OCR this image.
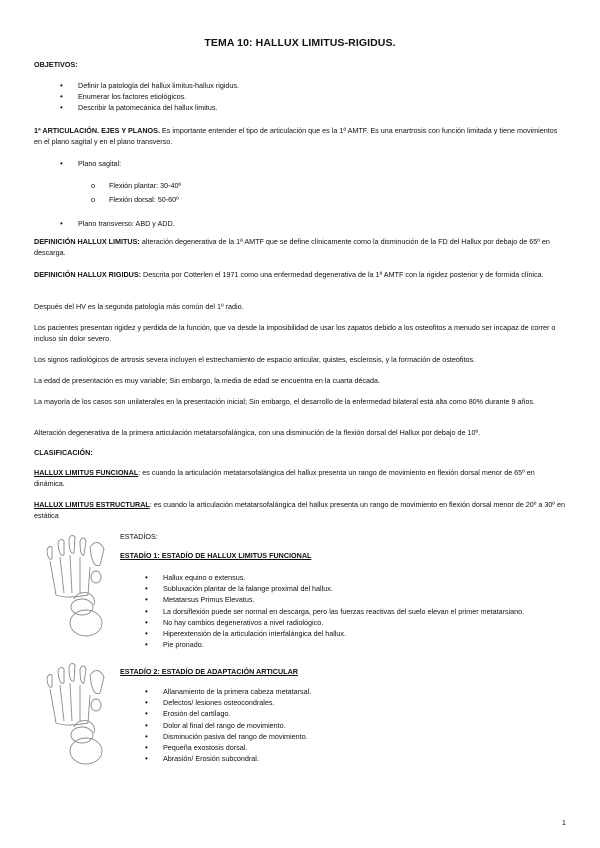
TEMA 10: HALLUX LIMITUS-RIGIDUS.
OBJETIVOS:
• Definir la patología del hallux limitus-hallux rigidus.
• Enumerar los factores etiológicos.
• Describir la patomecánica del hallux limitus.
1ª ARTICULACIÓN. EJES Y PLANOS. Es importante entender el tipo de articulación que es la 1ª AMTF. Es una enartrosis con función limitada y tiene movimientos en el plano sagital y en el plano transverso.
• Plano sagital:
o Flexión plantar: 30-40º
o Flexión dorsal: 50-60º
• Plano transverso: ABD y ADD.
DEFINICIÓN HALLUX LIMITUS: alteración degenerativa de la 1ª AMTF que se define clínicamente como la disminución de la FD del Hallux por debajo de 65º en descarga.
DEFINICIÓN HALLUX RIGIDUS: Descrita por Cotterlen el 1971 como una enfermedad degenerativa de la 1ª AMTF con la rigidez posterior y de formida clínica.
Después del HV es la segunda patología más común del 1º radio.
Los pacientes presentan rigidez y perdida de la función, que va desde la imposibilidad de usar los zapatos debido a los osteofitos a menudo ser incapaz de correr o incluso sin dolor severo.
Los signos radiológicos de artrosis severa incluyen el estrechamiento de espacio articular, quistes, esclerosis, y la formación de osteofitos.
La edad de presentación es muy variable; Sin embargo, la media de edad se encuentra en la cuarta década.
La mayoría de los casos son unilaterales en la presentación inicial; Sin embargo, el desarrollo de la enfermedad bilateral está alta como 80% durante 9 años.
Alteración degenerativa de la primera articulación metatarsofalángica, con una disminución de la flexión dorsal del Hallux por debajo de 10º.
CLASIFICACIÓN:
HALLUX LIMITUS FUNCIONAL: es cuando la articulación metatarsofalángica del hallux presenta un rango de movimiento en flexión dorsal menor de 65º en dinámica.
HALLUX LIMITUS ESTRUCTURAL: es cuando la articulación metatarsofalángica del hallux presenta un rango de movimiento en flexión dorsal menor de 20º a 30º en estática
ESTADÍOS:
ESTADÍO 1: ESTADÍO DE HALLUX LIMITUS FUNCIONAL
• Hallux equino o extensus.
• Subluxación plantar de la falange proximal del hallux.
• Metatarsus Primus Elevatus.
• La dorsiflexión puede ser normal en descarga, pero las fuerzas reactivas del suelo elevan el primer metatarsiano.
• No hay cambios degenerativos a nivel radiológico.
• Hiperextensión de la articulación interfalángica del hallux.
• Pie pronado.
ESTADÍO 2: ESTADÍO DE ADAPTACIÓN ARTICULAR
• Allanamiento de la primera cabeza metatarsal.
• Defectos/ lesiones osteocondrales.
• Erosión del cartílago.
• Dolor al final del rango de movimiento.
• Disminución pasiva del rango de movimiento.
• Pequeña exostosis dorsal.
• Abrasión/ Erosión subcondral.
1
